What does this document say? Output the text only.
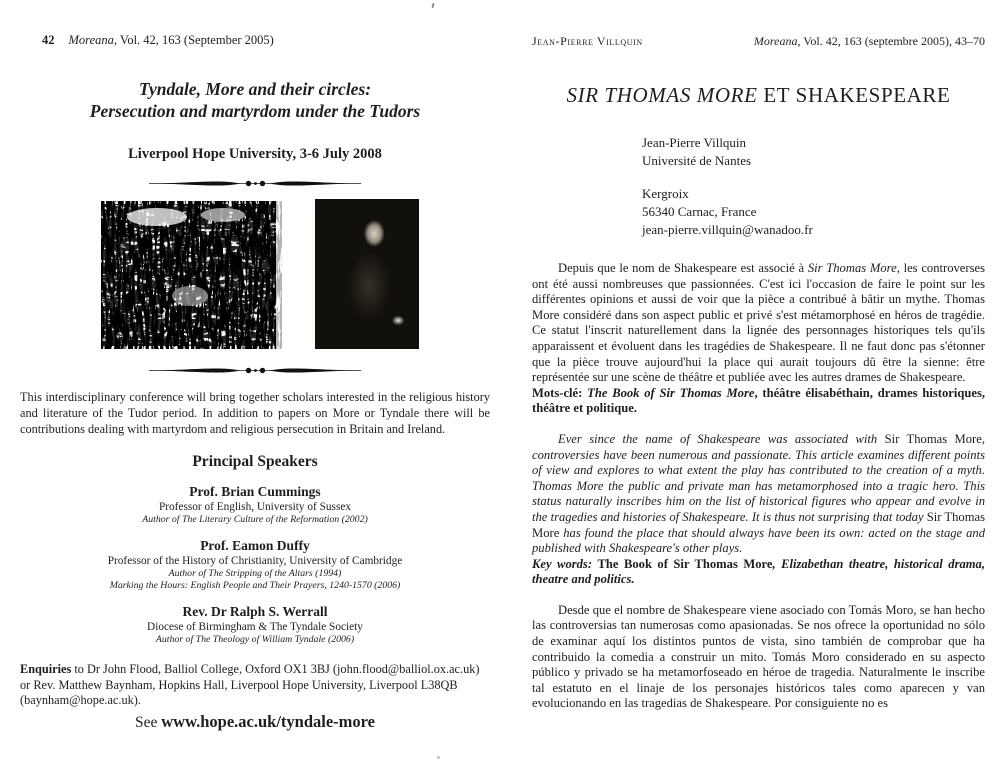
42 Moreana, Vol. 42, 163 (September 2005)
Tyndale, More and their circles:
Persecution and martyrdom under the Tudors
Liverpool Hope University, 3-6 July 2008
This interdisciplinary conference will bring together scholars interested in the religious history and literature of the Tudor period. In addition to papers on More or Tyndale there will be contributions dealing with martyrdom and religious persecution in Britain and Ireland.
Principal Speakers
Prof. Brian Cummings
Professor of English, University of Sussex
Author of The Literary Culture of the Reformation (2002)
Prof. Eamon Duffy
Professor of the History of Christianity, University of Cambridge
Author of The Stripping of the Altars (1994)
Marking the Hours: English People and Their Prayers, 1240-1570 (2006)
Rev. Dr Ralph S. Werrall
Diocese of Birmingham & The Tyndale Society
Author of The Theology of William Tyndale (2006)
Enquiries to Dr John Flood, Balliol College, Oxford OX1 3BJ (john.flood@balliol.ox.ac.uk) or Rev. Matthew Baynham, Hopkins Hall, Liverpool Hope University, Liverpool L38QB (baynham@hope.ac.uk).
See www.hope.ac.uk/tyndale-more
Jean-Pierre Villquin	Moreana, Vol. 42, 163 (septembre 2005), 43–70
SIR THOMAS MORE ET SHAKESPEARE
Jean-Pierre Villquin
Université de Nantes
Kergroix
56340 Carnac, France
jean-pierre.villquin@wanadoo.fr
Depuis que le nom de Shakespeare est associé à Sir Thomas More, les controverses ont été aussi nombreuses que passionnées. C'est ici l'occasion de faire le point sur les différentes opinions et aussi de voir que la pièce a contribué à bâtir un mythe. Thomas More considéré dans son aspect public et privé s'est métamorphosé en héros de tragédie. Ce statut l'inscrit naturellement dans la lignée des personnages historiques tels qu'ils apparaissent et évoluent dans les tragédies de Shakespeare. Il ne faut donc pas s'étonner que la pièce trouve aujourd'hui la place qui aurait toujours dû être la sienne: être représentée sur une scène de théâtre et publiée avec les autres drames de Shakespeare.
Mots-clé: The Book of Sir Thomas More, théâtre élisabéthain, drames historiques, théâtre et politique.
Ever since the name of Shakespeare was associated with Sir Thomas More, controversies have been numerous and passionate. This article examines different points of view and explores to what extent the play has contributed to the creation of a myth. Thomas More the public and private man has metamorphosed into a tragic hero. This status naturally inscribes him on the list of historical figures who appear and evolve in the tragedies and histories of Shakespeare. It is thus not surprising that today Sir Thomas More has found the place that should always have been its own: acted on the stage and published with Shakespeare's other plays.
Key words: The Book of Sir Thomas More, Elizabethan theatre, historical drama, theatre and politics.
Desde que el nombre de Shakespeare viene asociado con Tomás Moro, se han hecho las controversias tan numerosas como apasionadas. Se nos ofrece la oportunidad no sólo de examinar aquí los distintos puntos de vista, sino también de comprobar que ha contribuido la comedia a construir un mito. Tomás Moro considerado en su aspecto público y privado se ha metamorfoseado en héroe de tragedia. Naturalmente le inscribe tal estatuto en el linaje de los personajes históricos tales como aparecen y van evolucionando en las tragedias de Shakespeare. Por consiguiente no es
